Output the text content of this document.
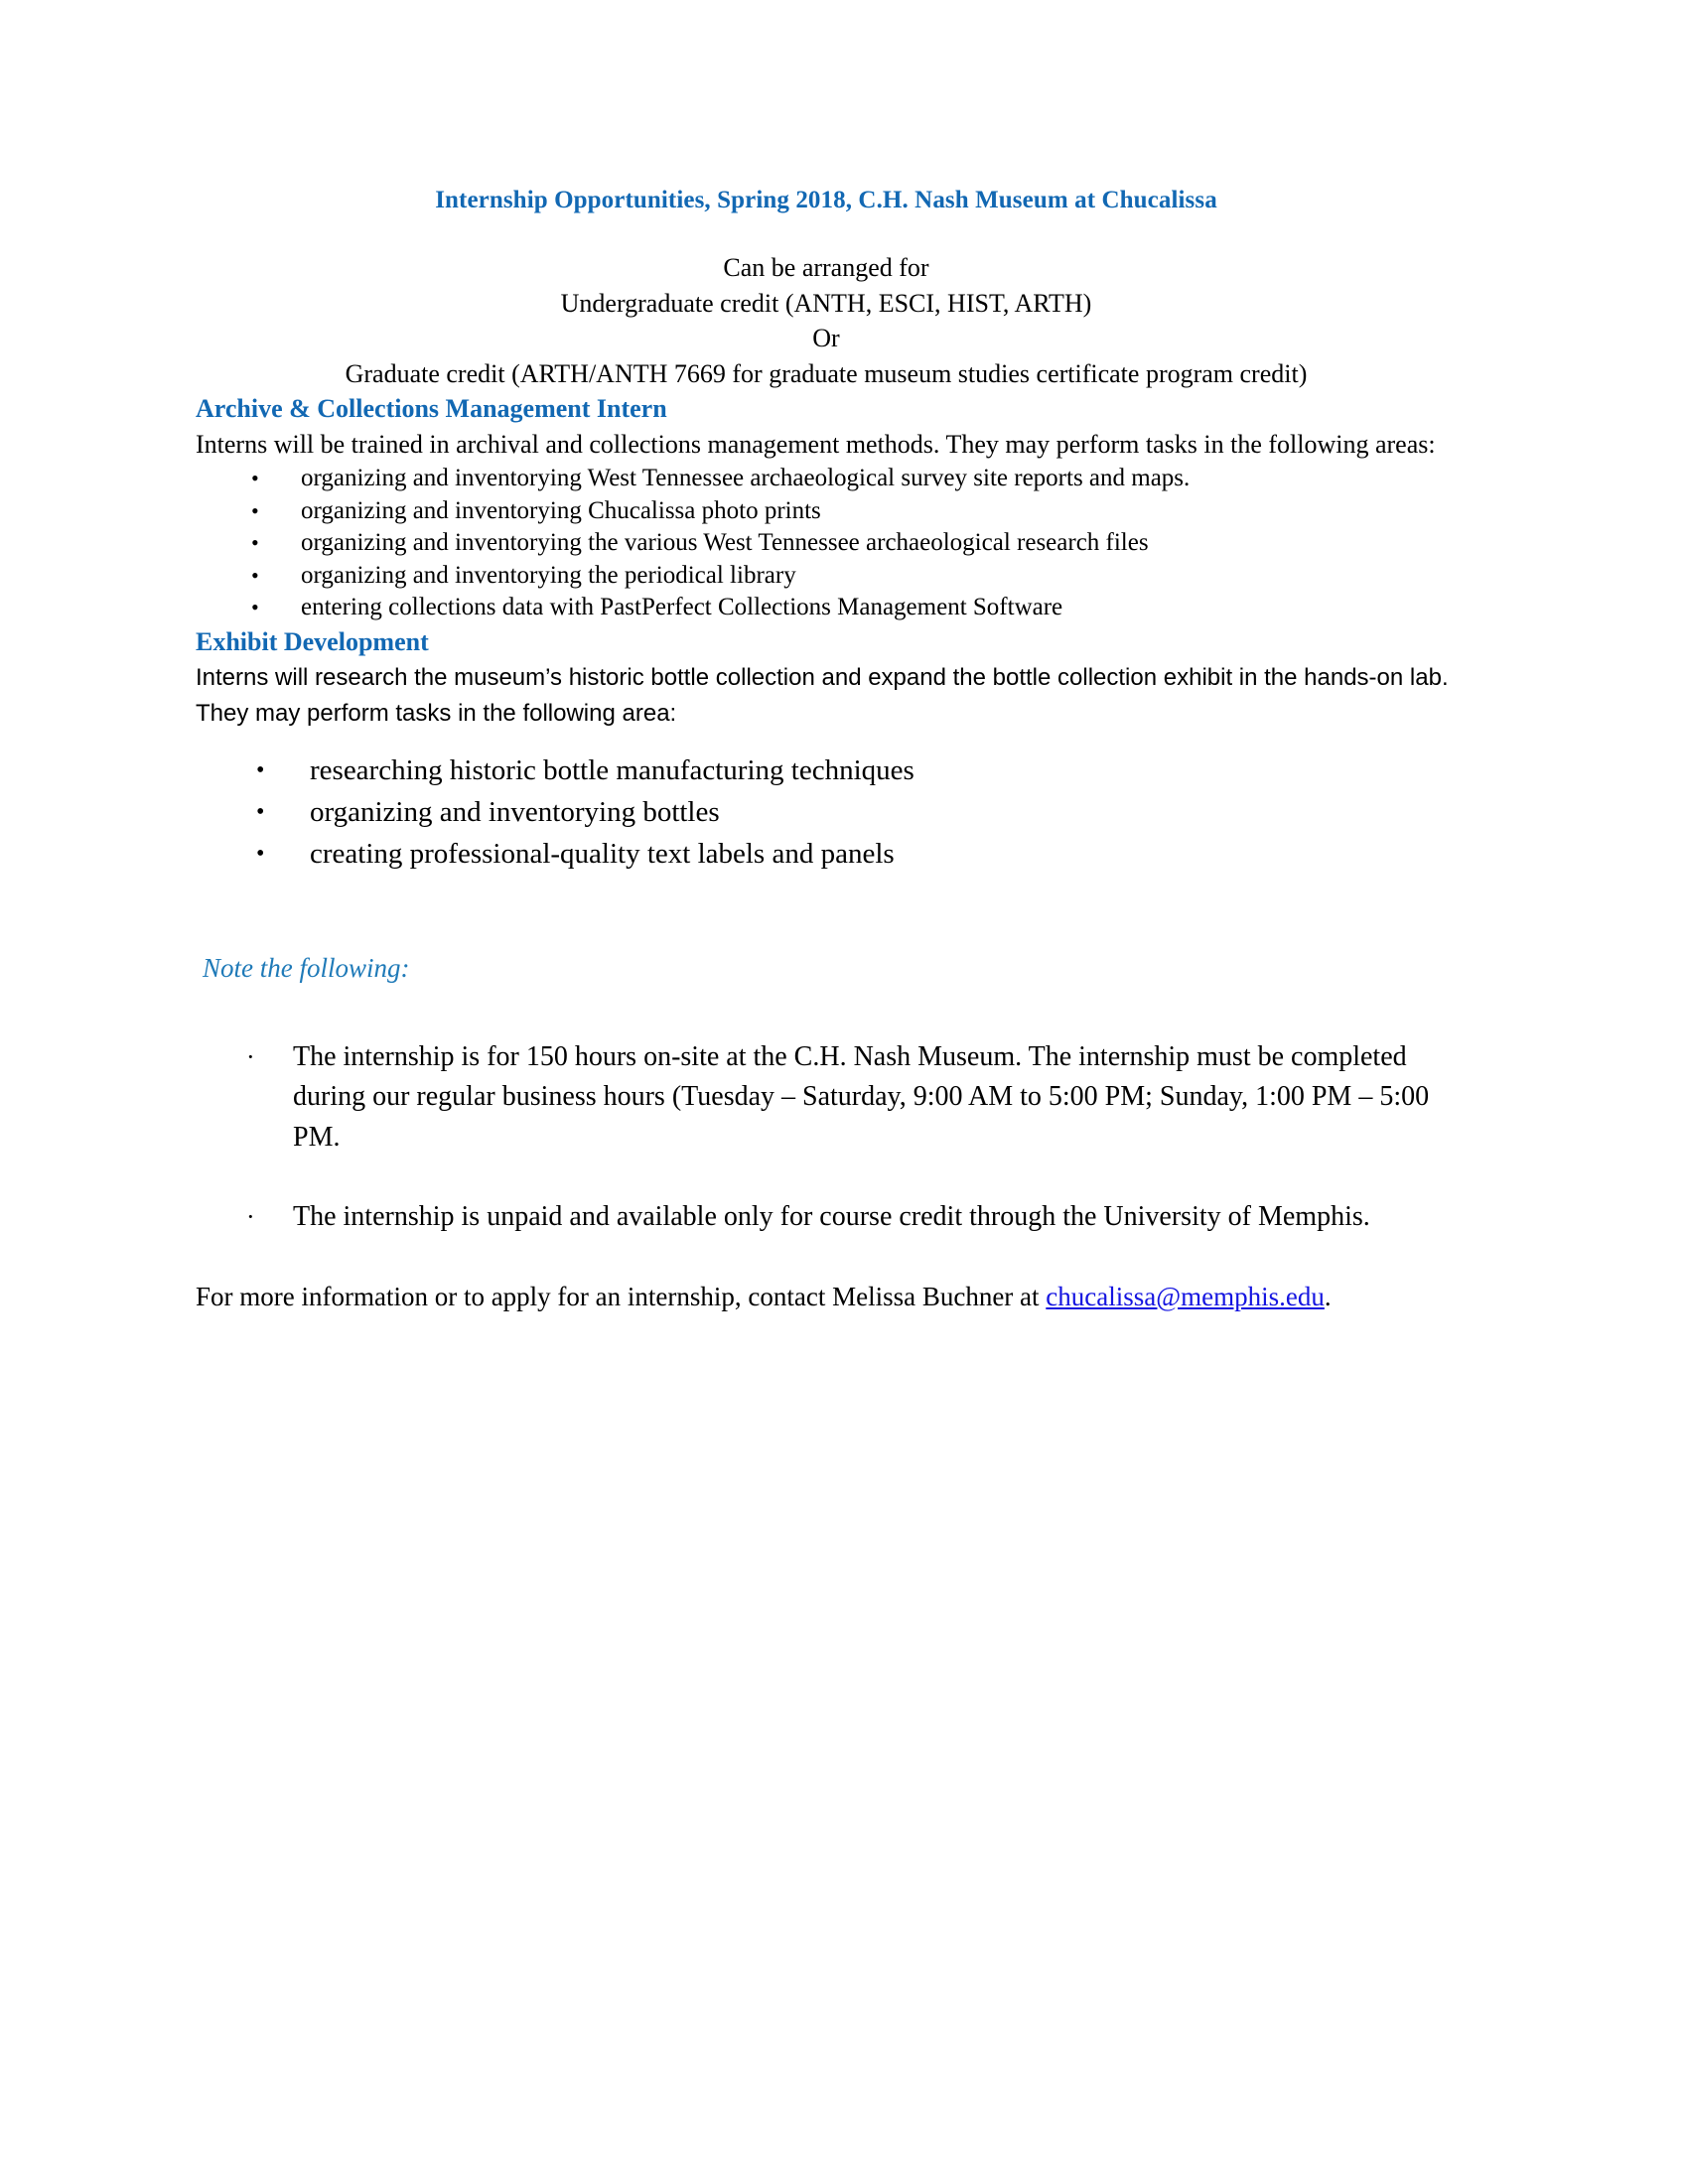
Internship Opportunities, Spring 2018, C.H. Nash Museum at Chucalissa
Can be arranged for
Undergraduate credit (ANTH, ESCI, HIST, ARTH)
Or
Graduate credit (ARTH/ANTH 7669 for graduate museum studies certificate program credit)
Archive & Collections Management Intern
Interns will be trained in archival and collections management methods. They may perform tasks in the following areas:
• organizing and inventorying West Tennessee archaeological survey site reports and maps.
• organizing and inventorying Chucalissa photo prints
• organizing and inventorying the various West Tennessee archaeological research files
• organizing and inventorying the periodical library
• entering collections data with PastPerfect Collections Management Software
Exhibit Development
Interns will research the museum’s historic bottle collection and expand the bottle collection exhibit in the hands-on lab. They may perform tasks in the following area:
• researching historic bottle manufacturing techniques
• organizing and inventorying bottles
• creating professional-quality text labels and panels
Note the following:
· The internship is for 150 hours on-site at the C.H. Nash Museum. The internship must be completed during our regular business hours (Tuesday – Saturday, 9:00 AM to 5:00 PM; Sunday, 1:00 PM – 5:00 PM.
· The internship is unpaid and available only for course credit through the University of Memphis.
For more information or to apply for an internship, contact Melissa Buchner at chucalissa@memphis.edu.
